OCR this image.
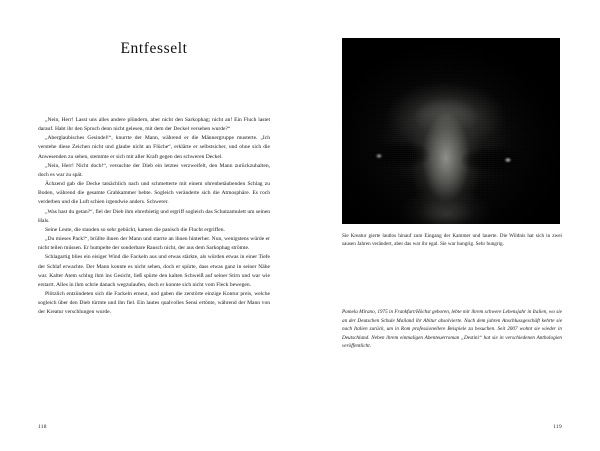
Entfesselt

„Nein, Herr! Lasst uns alles andere plündern, aber nicht den Sarkophag; nicht an! Ein Fluch lastet darauf. Habt ihr den Spruch denn nicht gelesen, mit dem der Deckel versehen wurde?“

„Aberglaubisches Gesindel!“, knurrte der Mann, während er die Männergruppe musterte. „Ich verstehe diese Zeichen nicht und glaube nicht an Flüche“, erklärte er selbstsicher, und ohne sich die Anwesenden zu sehen, stemmte er sich mit aller Kraft gegen den schweren Deckel.

„Nein, Herr! Nicht doch!“, versuchte der Dieb ein letztes verzweifelt, den Mann zurückzuhalten, doch es war zu spät.

Ächzend gab die Decke tatsächlich nach und schmetterte mit einem ohrenbetäubenden Schlag zu Boden, während die gesamte Grabkammer bebte. Sogleich veränderte sich die Atmosphäre. Es roch verderben und die Luft schien irgendwie anders. Schwerer.

„Was hast du getan?“, fiel der Dieb ihm ehrerbietig und ergriff sogleich das Schutzamulett um seinen Hals.

Seine Leute, die standen so sehr gebückt, kamen die panisch die Flucht ergriffen.

„Du mieses Pack!“, brüllte ihnen der Mann und starrte an ihnen hinterher. Nun, wenigstens würde er nicht teilen müssen. Er humpelte der sonderbare Rausch nicht, der aus dem Sarkophag strömte.

Schlagartig blies ein eisiger Wind die Fackeln aus und etwas stärkte, als würden etwas in einer Tiefe der Schlaf erwachte. Der Mann konnte es nicht sehen, doch er spürte, dass etwas ganz in seiner Nähe war. Kalter Atem schlug ihm ins Gesicht, ließ spürte den kalten Schweiß auf seiner Stirn und war wie erstarrt. Alles in ihm schrie danach wegzulaufen, doch er konnte sich nicht vom Fleck bewegen.

Plötzlich entzündeten sich die Fackeln erneut, und gaben die zerstörte einzige Kontur preis, welche sogleich über den Dieb türmte und ihn fiel. Ein lautes qualvolles Sensi ertönte, während der Mann von der Kreatur verschlungen wurde.

118
Sie Kreatur gierte lautlos hinauf zum Eingang der Kammer und lauerte. Die Wildnis hat sich in zwei sausen Jahren verändert, aber das war ihr egal. Sie war hungrig. Sehr hungrig.

Pamela Mirano, 1975 in Frankfurt/Höchst geboren, lebte mir ihrem schwere Lebensjahr in Italien, wo sie an der Deutschen Schule Mailand ihr Abitur absolvierte. Nach dem jahren Anschlussgeschäft kehrte sie nach Italien zurück, um in Rom professionellere Beispiele zu besuchen. Seit 2007 wohnt sie wieder in Deutschland. Neben ihrem einmaligen Abenteuerroman „Destini“ hat sie in verschiedenen Anthologien veröffentlicht.

119
